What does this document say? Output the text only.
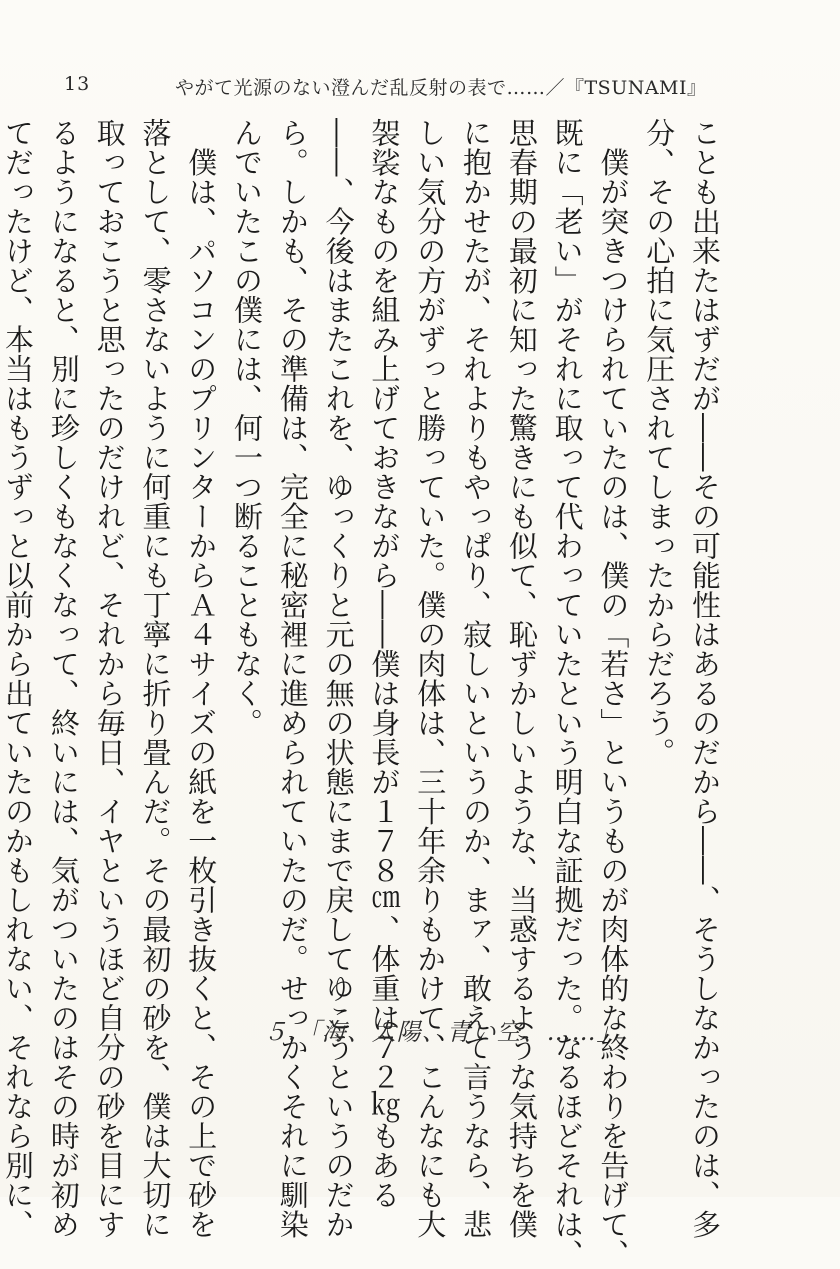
13	やがて光源のない澄んだ乱反射の表で……／『TSUNAMI』

ことも出来たはずだが――その可能性はあるのだから――、そうしなかったのは、多

分、その心拍に気圧されてしまったからだろう。

　僕が突きつけられていたのは、僕の「若さ」というものが肉体的な終わりを告げて、

既に「老い」がそれに取って代わっていたという明白な証拠だった。なるほどそれは、

思春期の最初に知った驚きにも似て、恥ずかしいような、当惑するような気持ちを僕

に抱かせたが、それよりもやっぱり、寂しいというのか、まァ、敢えて言うなら、悲

しい気分の方がずっと勝っていた。僕の肉体は、三十年余りもかけて、こんなにも大

袈裟なものを組み上げておきながら――僕は身長が１７８㎝、体重は７２㎏もある

――、今後はまたこれを、ゆっくりと元の無の状態にまで戻してゆこうというのだか

ら。しかも、その準備は、完全に秘密裡に進められていたのだ。せっかくそれに馴染

んでいたこの僕には、何一つ断ることもなく。

　僕は、パソコンのプリンターからＡ４サイズの紙を一枚引き抜くと、その上で砂を

落として、零さないように何重にも丁寧に折り畳んだ。その最初の砂を、僕は大切に

取っておこうと思ったのだけれど、それから毎日、イヤというほど自分の砂を目にす

るようになると、別に珍しくもなくなって、終いには、気がついたのはその時が初め

てだったけど、本当はもうずっと以前から出ていたのかもしれない、それなら別に、	５.「海、太陽、青い空、……」
